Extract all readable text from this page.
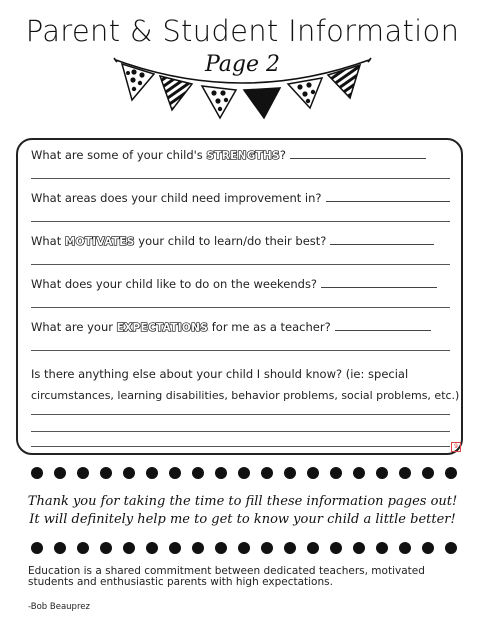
Parent & Student Information
Page 2
What are some of your child's STRENGTHS?
What areas does your child need improvement in?
What MOTIVATES your child to learn/do their best?
What does your child like to do on the weekends?
What are your EXPECTATIONS for me as a teacher?
Is there anything else about your child I should know? (ie: special
circumstances, learning disabilities, behavior problems, social problems, etc.)
9
Thank you for taking the time to fill these information pages out!
It will definitely help me to get to know your child a little better!
Education is a shared commitment between dedicated teachers, motivated students and enthusiastic parents with high expectations.
-Bob Beauprez
